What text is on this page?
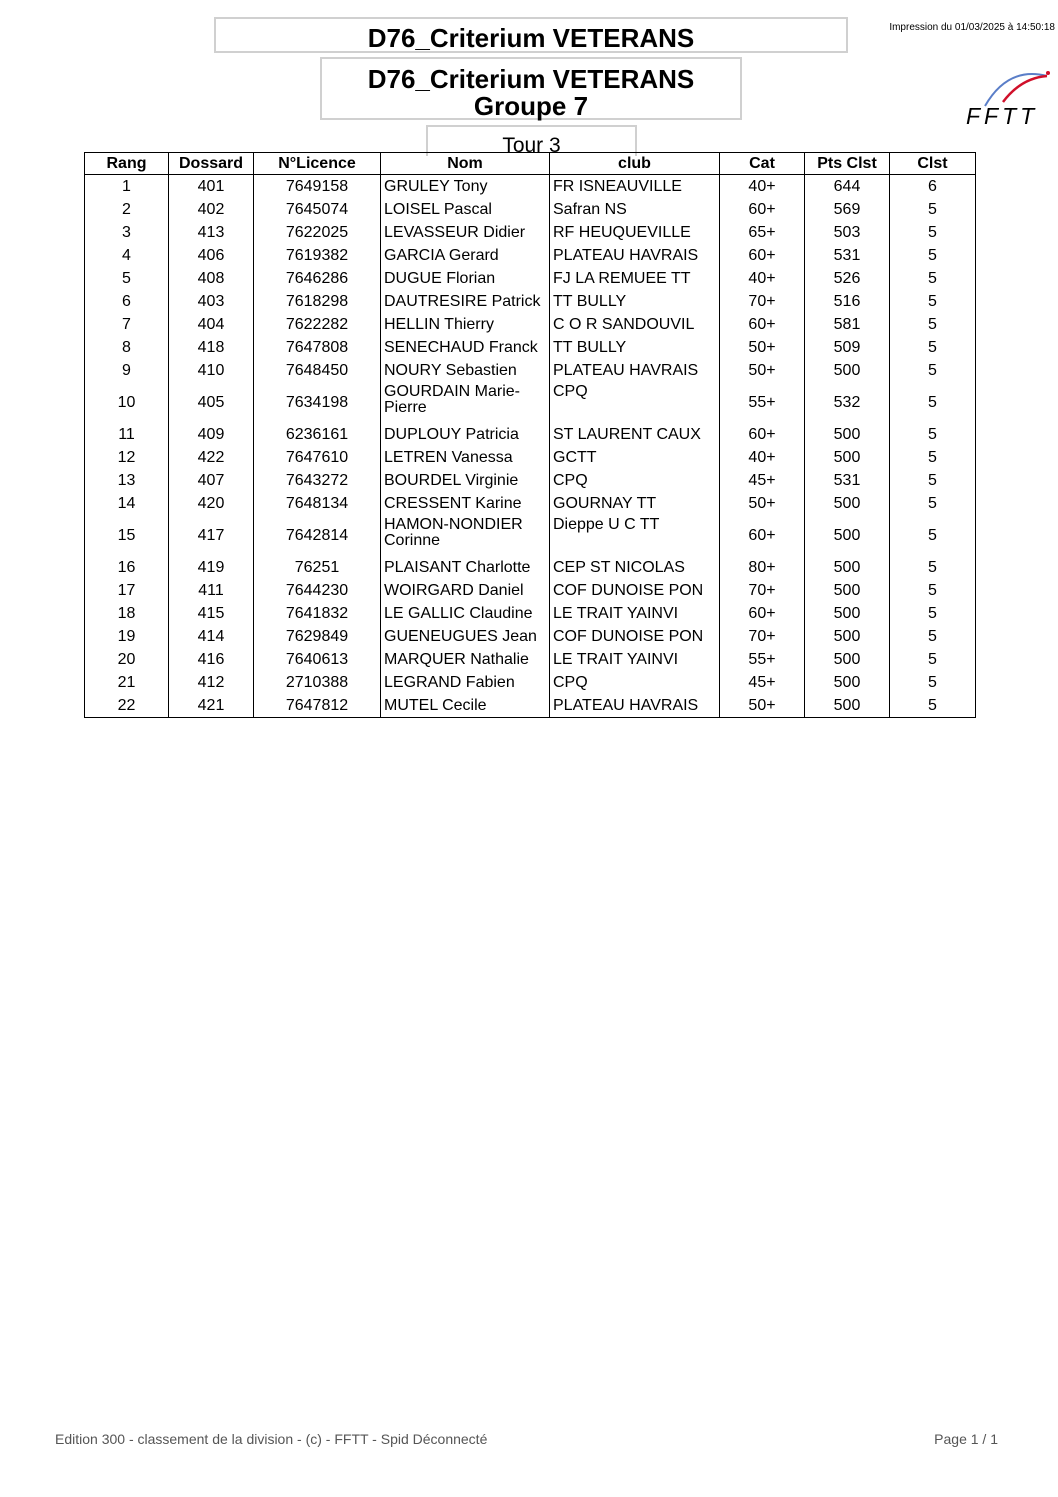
D76_Criterium VETERANS	Impression du 01/03/2025 à 14:50:18
D76_Criterium VETERANS
Groupe 7	FFTT
Tour 3
Rang	Dossard	N°Licence	Nom	club	Cat	Pts Clst	Clst
1	401	7649158	GRULEY Tony	FR ISNEAUVILLE	40+	644	6
2	402	7645074	LOISEL Pascal	Safran NS	60+	569	5
3	413	7622025	LEVASSEUR Didier	RF HEUQUEVILLE	65+	503	5
4	406	7619382	GARCIA Gerard	PLATEAU HAVRAIS	60+	531	5
5	408	7646286	DUGUE Florian	FJ LA REMUEE TT	40+	526	5
6	403	7618298	DAUTRESIRE Patrick	TT BULLY	70+	516	5
7	404	7622282	HELLIN Thierry	C O R SANDOUVIL	60+	581	5
8	418	7647808	SENECHAUD Franck	TT BULLY	50+	509	5
9	410	7648450	NOURY Sebastien	PLATEAU HAVRAIS	50+	500	5
10	405	7634198	GOURDAIN Marie-Pierre	CPQ	55+	532	5
11	409	6236161	DUPLOUY Patricia	ST LAURENT CAUX	60+	500	5
12	422	7647610	LETREN Vanessa	GCTT	40+	500	5
13	407	7643272	BOURDEL Virginie	CPQ	45+	531	5
14	420	7648134	CRESSENT Karine	GOURNAY TT	50+	500	5
15	417	7642814	HAMON-NONDIER Corinne	Dieppe U C TT	60+	500	5
16	419	76251	PLAISANT Charlotte	CEP ST NICOLAS	80+	500	5
17	411	7644230	WOIRGARD Daniel	COF DUNOISE PON	70+	500	5
18	415	7641832	LE GALLIC Claudine	LE TRAIT YAINVI	60+	500	5
19	414	7629849	GUENEUGUES Jean	COF DUNOISE PON	70+	500	5
20	416	7640613	MARQUER Nathalie	LE TRAIT YAINVI	55+	500	5
21	412	2710388	LEGRAND Fabien	CPQ	45+	500	5
22	421	7647812	MUTEL Cecile	PLATEAU HAVRAIS	50+	500	5
Edition 300 - classement de la division - (c) - FFTT - Spid Déconnecté	Page 1 / 1
